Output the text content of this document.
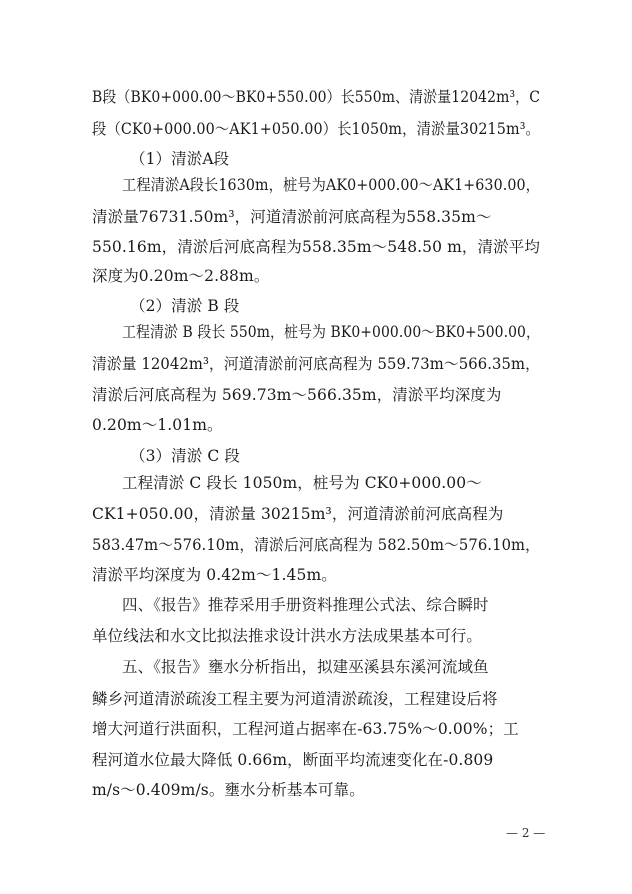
B段（BK0+000.00～BK0+550.00）长550m、清淤量12042m³，C
段（CK0+000.00～AK1+050.00）长1050m，清淤量30215m³。
（1）清淤A段
工程清淤A段长1630m，桩号为AK0+000.00～AK1+630.00，
清淤量76731.50m³，河道清淤前河底高程为558.35m～
550.16m，清淤后河底高程为558.35m～548.50 m，清淤平均
深度为0.20m～2.88m。
（2）清淤 B 段
工程清淤 B 段长 550m，桩号为 BK0+000.00～BK0+500.00，
清淤量 12042m³，河道清淤前河底高程为 559.73m～566.35m，
清淤后河底高程为 569.73m～566.35m，清淤平均深度为
0.20m～1.01m。
（3）清淤 C 段
工程清淤 C 段长 1050m，桩号为 CK0+000.00～
CK1+050.00，清淤量 30215m³，河道清淤前河底高程为
583.47m～576.10m，清淤后河底高程为 582.50m～576.10m，
清淤平均深度为 0.42m～1.45m。
四、《报告》推荐采用手册资料推理公式法、综合瞬时
单位线法和水文比拟法推求设计洪水方法成果基本可行。
五、《报告》壅水分析指出，拟建巫溪县东溪河流域鱼
鳞乡河道清淤疏浚工程主要为河道清淤疏浚，工程建设后将
增大河道行洪面积，工程河道占据率在-63.75%～0.00%；工
程河道水位最大降低 0.66m，断面平均流速变化在-0.809
m/s～0.409m/s。壅水分析基本可靠。
— 2 —
